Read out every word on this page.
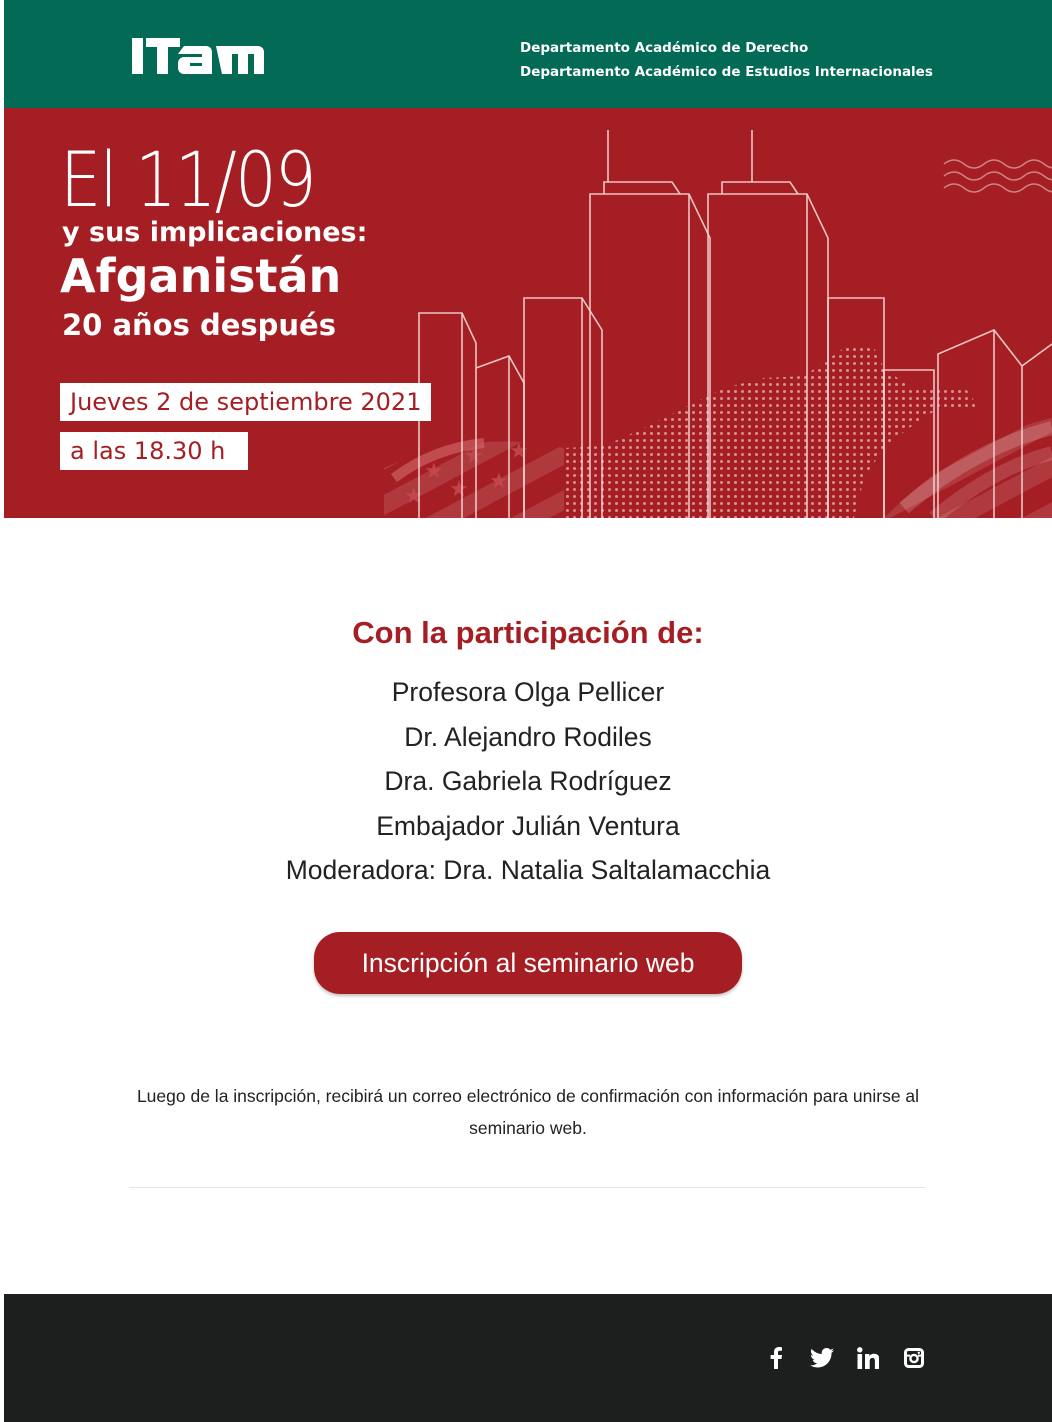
Departamento Académico de Derecho
Departamento Académico de Estudios Internacionales
★
★
★ ★ ★
★
El 11/09
y sus implicaciones:
Afganistán
20 años después
Jueves 2 de septiembre 2021
a las 18.30 h
Con la participación de:
Profesora Olga Pellicer
Dr. Alejandro Rodiles
Dra. Gabriela Rodríguez
Embajador Julián Ventura
Moderadora: Dra. Natalia Saltalamacchia
Inscripción al seminario web
Luego de la inscripción, recibirá un correo electrónico de confirmación con información para unirse al seminario web.
